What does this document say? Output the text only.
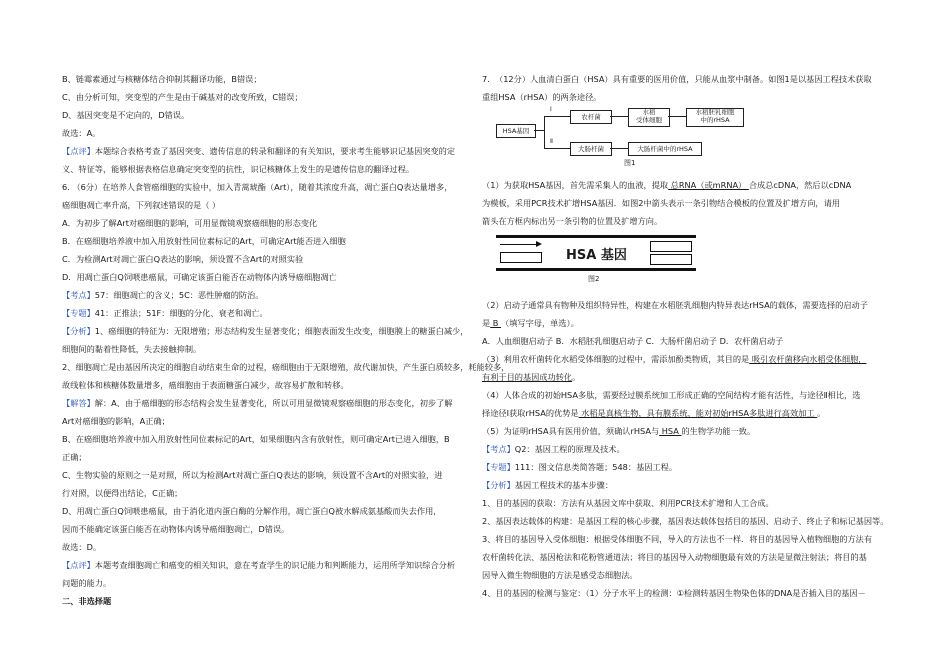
B、链霉素通过与核糖体结合抑制其翻译功能，B错误；

C、由分析可知，突变型的产生是由于碱基对的改变所致，C错误；

D、基因突变是不定向的，D错误。

故选：A。

【点评】本题综合表格考查了基因突变、遗传信息的转录和翻译的有关知识，要求考生能够识记基因突变的定

义、特征等，能够根据表格信息确定突变型的抗性，识记核糖体上发生的是遗传信息的翻译过程。

6. （6分）在培养人食管癌细胞的实验中，加入青蒿琥酯（Art），随着其浓度升高，凋亡蛋白Q表达量增多，

癌细胞凋亡率升高，下列叙述错误的是（ ）

A．为初步了解Art对癌细胞的影响，可用显微镜观察癌细胞的形态变化

B．在癌细胞培养液中加入用放射性同位素标记的Art，可确定Art能否进入细胞

C．为检测Art对凋亡蛋白Q表达的影响，须设置不含Art的对照实验

D．用凋亡蛋白Q饲喂患癌鼠，可确定该蛋白能否在动物体内诱导癌细胞凋亡

【考点】57：细胞凋亡的含义；5C：恶性肿瘤的防治。

【专题】41：正推法；51F：细胞的分化、衰老和凋亡。

【分析】1、癌细胞的特征为：无限增殖；形态结构发生显著变化；细胞表面发生改变，细胞膜上的糖蛋白减少，

细胞间的黏着性降低，失去接触抑制。

2、细胞凋亡是由基因所决定的细胞自动结束生命的过程，癌细胞由于无限增殖，故代谢加快，产生蛋白质较多，耗能较多，

故线粒体和核糖体数量增多，癌细胞由于表面糖蛋白减少，故容易扩散和转移。

【解答】解：A、由于癌细胞的形态结构会发生显著变化，所以可用显微镜观察癌细胞的形态变化，初步了解

Art对癌细胞的影响，A正确；

B、在癌细胞培养液中加入用放射性同位素标记的Art，如果细胞内含有放射性，则可确定Art已进入细胞，B

正确；

C、生物实验的原则之一是对照，所以为检测Art对凋亡蛋白Q表达的影响，须设置不含Art的对照实验，进

行对照，以便得出结论，C正确；

D、用凋亡蛋白Q饲喂患癌鼠，由于消化道内蛋白酶的分解作用，凋亡蛋白Q被水解成氨基酸而失去作用，

因而不能确定该蛋白能否在动物体内诱导癌细胞凋亡，D错误。

故选：D。

【点评】本题考查细胞凋亡和癌变的相关知识，意在考查学生的识记能力和判断能力，运用所学知识综合分析

问题的能力。

二、非选择题

7. （12分）人血清白蛋白（HSA）具有重要的医用价值，只能从血浆中制备。如图1是以基因工程技术获取

重组HSA（rHSA）的两条途径。

HSA基因
Ⅰ
Ⅱ
农杆菌
水稻
受体细胞
水稻胚乳细胞
中的rHSA
大肠杆菌	大肠杆菌中的rHSA
图1

（1）为获取HSA基因，首先需采集人的血液，提取 总RNA（或mRNA） 合成总cDNA，然后以cDNA

为模板，采用PCR技术扩增HSA基因．如图2中箭头表示一条引物结合模板的位置及扩增方向，请用

箭头在方框内标出另一条引物的位置及扩增方向。

HSA 基因
图2

（2）启动子通常具有物种及组织特异性，构建在水稻胚乳细胞内特异表达rHSA的载体，需要选择的启动子

是 B （填写字母，单选）。

A．人血细胞启动子 B．水稻胚乳细胞启动子 C．大肠杆菌启动子 D．农杆菌启动子

（3）利用农杆菌转化水稻受体细胞的过程中，需添加酚类物质，其目的是 吸引农杆菌移向水稻受体细胞，

有利于目的基因成功转化。

（4）人体合成的初始HSA多肽，需要经过膜系统加工形成正确的空间结构才能有活性，与途径Ⅱ相比，选

择途径Ⅰ获取rHSA的优势是 水稻是真核生物，具有膜系统，能对初始rHSA多肽进行高效加工 。

（5）为证明rHSA具有医用价值，须确认rHSA与 HSA 的生物学功能一致。

【考点】Q2：基因工程的原理及技术。

【专题】111：图文信息类简答题；548：基因工程。

【分析】基因工程技术的基本步骤：

1、目的基因的获取：方法有从基因文库中获取、利用PCR技术扩增和人工合成。

2、基因表达载体的构建：是基因工程的核心步骤，基因表达载体包括目的基因、启动子、终止子和标记基因等。

3、将目的基因导入受体细胞：根据受体细胞不同，导入的方法也不一样．将目的基因导入植物细胞的方法有

农杆菌转化法、基因枪法和花粉管通道法；将目的基因导入动物细胞最有效的方法是显微注射法；将目的基

因导入微生物细胞的方法是感受态细胞法。

4、目的基因的检测与鉴定：（1）分子水平上的检测：①检测转基因生物染色体的DNA是否插入目的基因－
